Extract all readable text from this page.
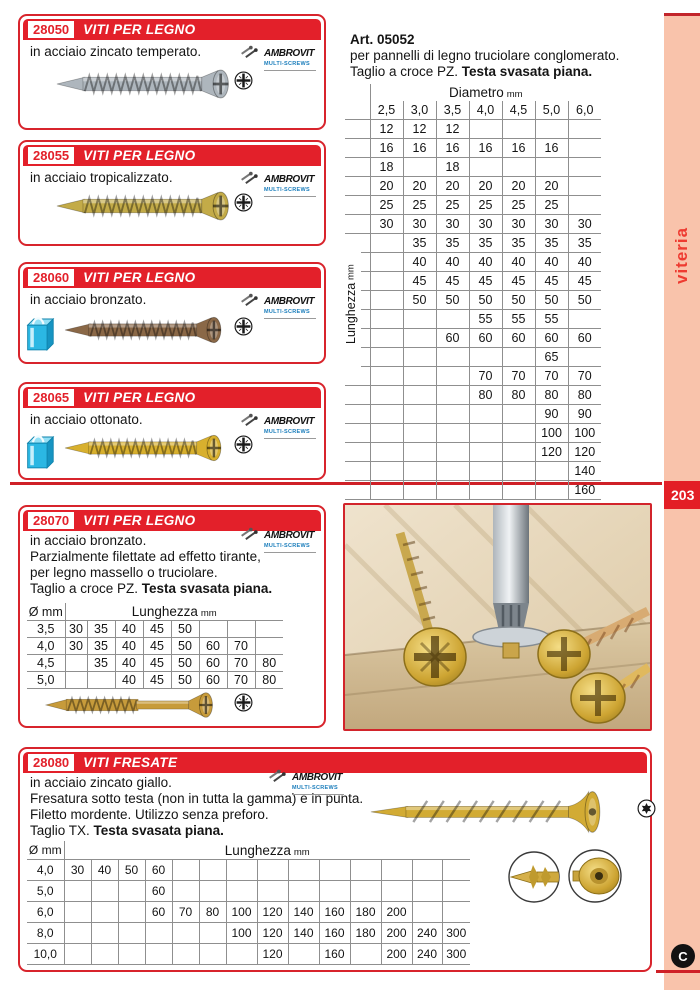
viteria
203
C
28050	VITI PER LEGNO
in acciaio zincato temperato.	AMBROVIT
MULTI-SCREWS
28055	VITI PER LEGNO
in acciaio tropicalizzato.	AMBROVIT
MULTI-SCREWS
28060	VITI PER LEGNO
in acciaio bronzato.	AMBROVIT
MULTI-SCREWS
28065	VITI PER LEGNO
in acciaio ottonato.	AMBROVIT
MULTI-SCREWS
Art. 05052
per pannelli di legno truciolare conglomerato.
Taglio a croce PZ. Testa svasata piana.
	Diametro mm						
	2,5	3,0	3,5	4,0	4,5	5,0	6,0
	12	12	12				
	16	16	16	16	16	16	
	18		18				
	20	20	20	20	20	20	
	25	25	25	25	25	25	
	30	30	30	30	30	30	30
		35	35	35	35	35	35
		40	40	40	40	40	40
		45	45	45	45	45	45
		50	50	50	50	50	50
				55	55	55	
			60	60	60	60	60
						65	
				70	70	70	70
				80	80	80	80
						90	90
						100	100
						120	120
							140
							160
Lunghezza
mm
28070	VITI PER LEGNO
in acciaio bronzato.
Parzialmente filettate ad effetto tirante,
per legno massello o truciolare.
Taglio a croce PZ. Testa svasata piana.
AMBROVIT
MULTI-SCREWS
Ø mm	Lunghezza mm							
3,5	30	35	40	45	50			
4,0	30	35	40	45	50	60	70	
4,5		35	40	45	50	60	70	80
5,0			40	45	50	60	70	80
28080	VITI FRESATE
in acciaio zincato giallo.
Fresatura sotto testa (non in tutta la gamma) e in punta.
Filetto mordente. Utilizzo senza preforo.
Taglio TX. Testa svasata piana.
AMBROVIT
MULTI-SCREWS
Ø mm	Lunghezza mm													
4,0	30	40	50	60										
5,0				60										
6,0				60	70	80	100	120	140	160	180	200		
8,0							100	120	140	160	180	200	240	300
10,0								120		160		200	240	300
